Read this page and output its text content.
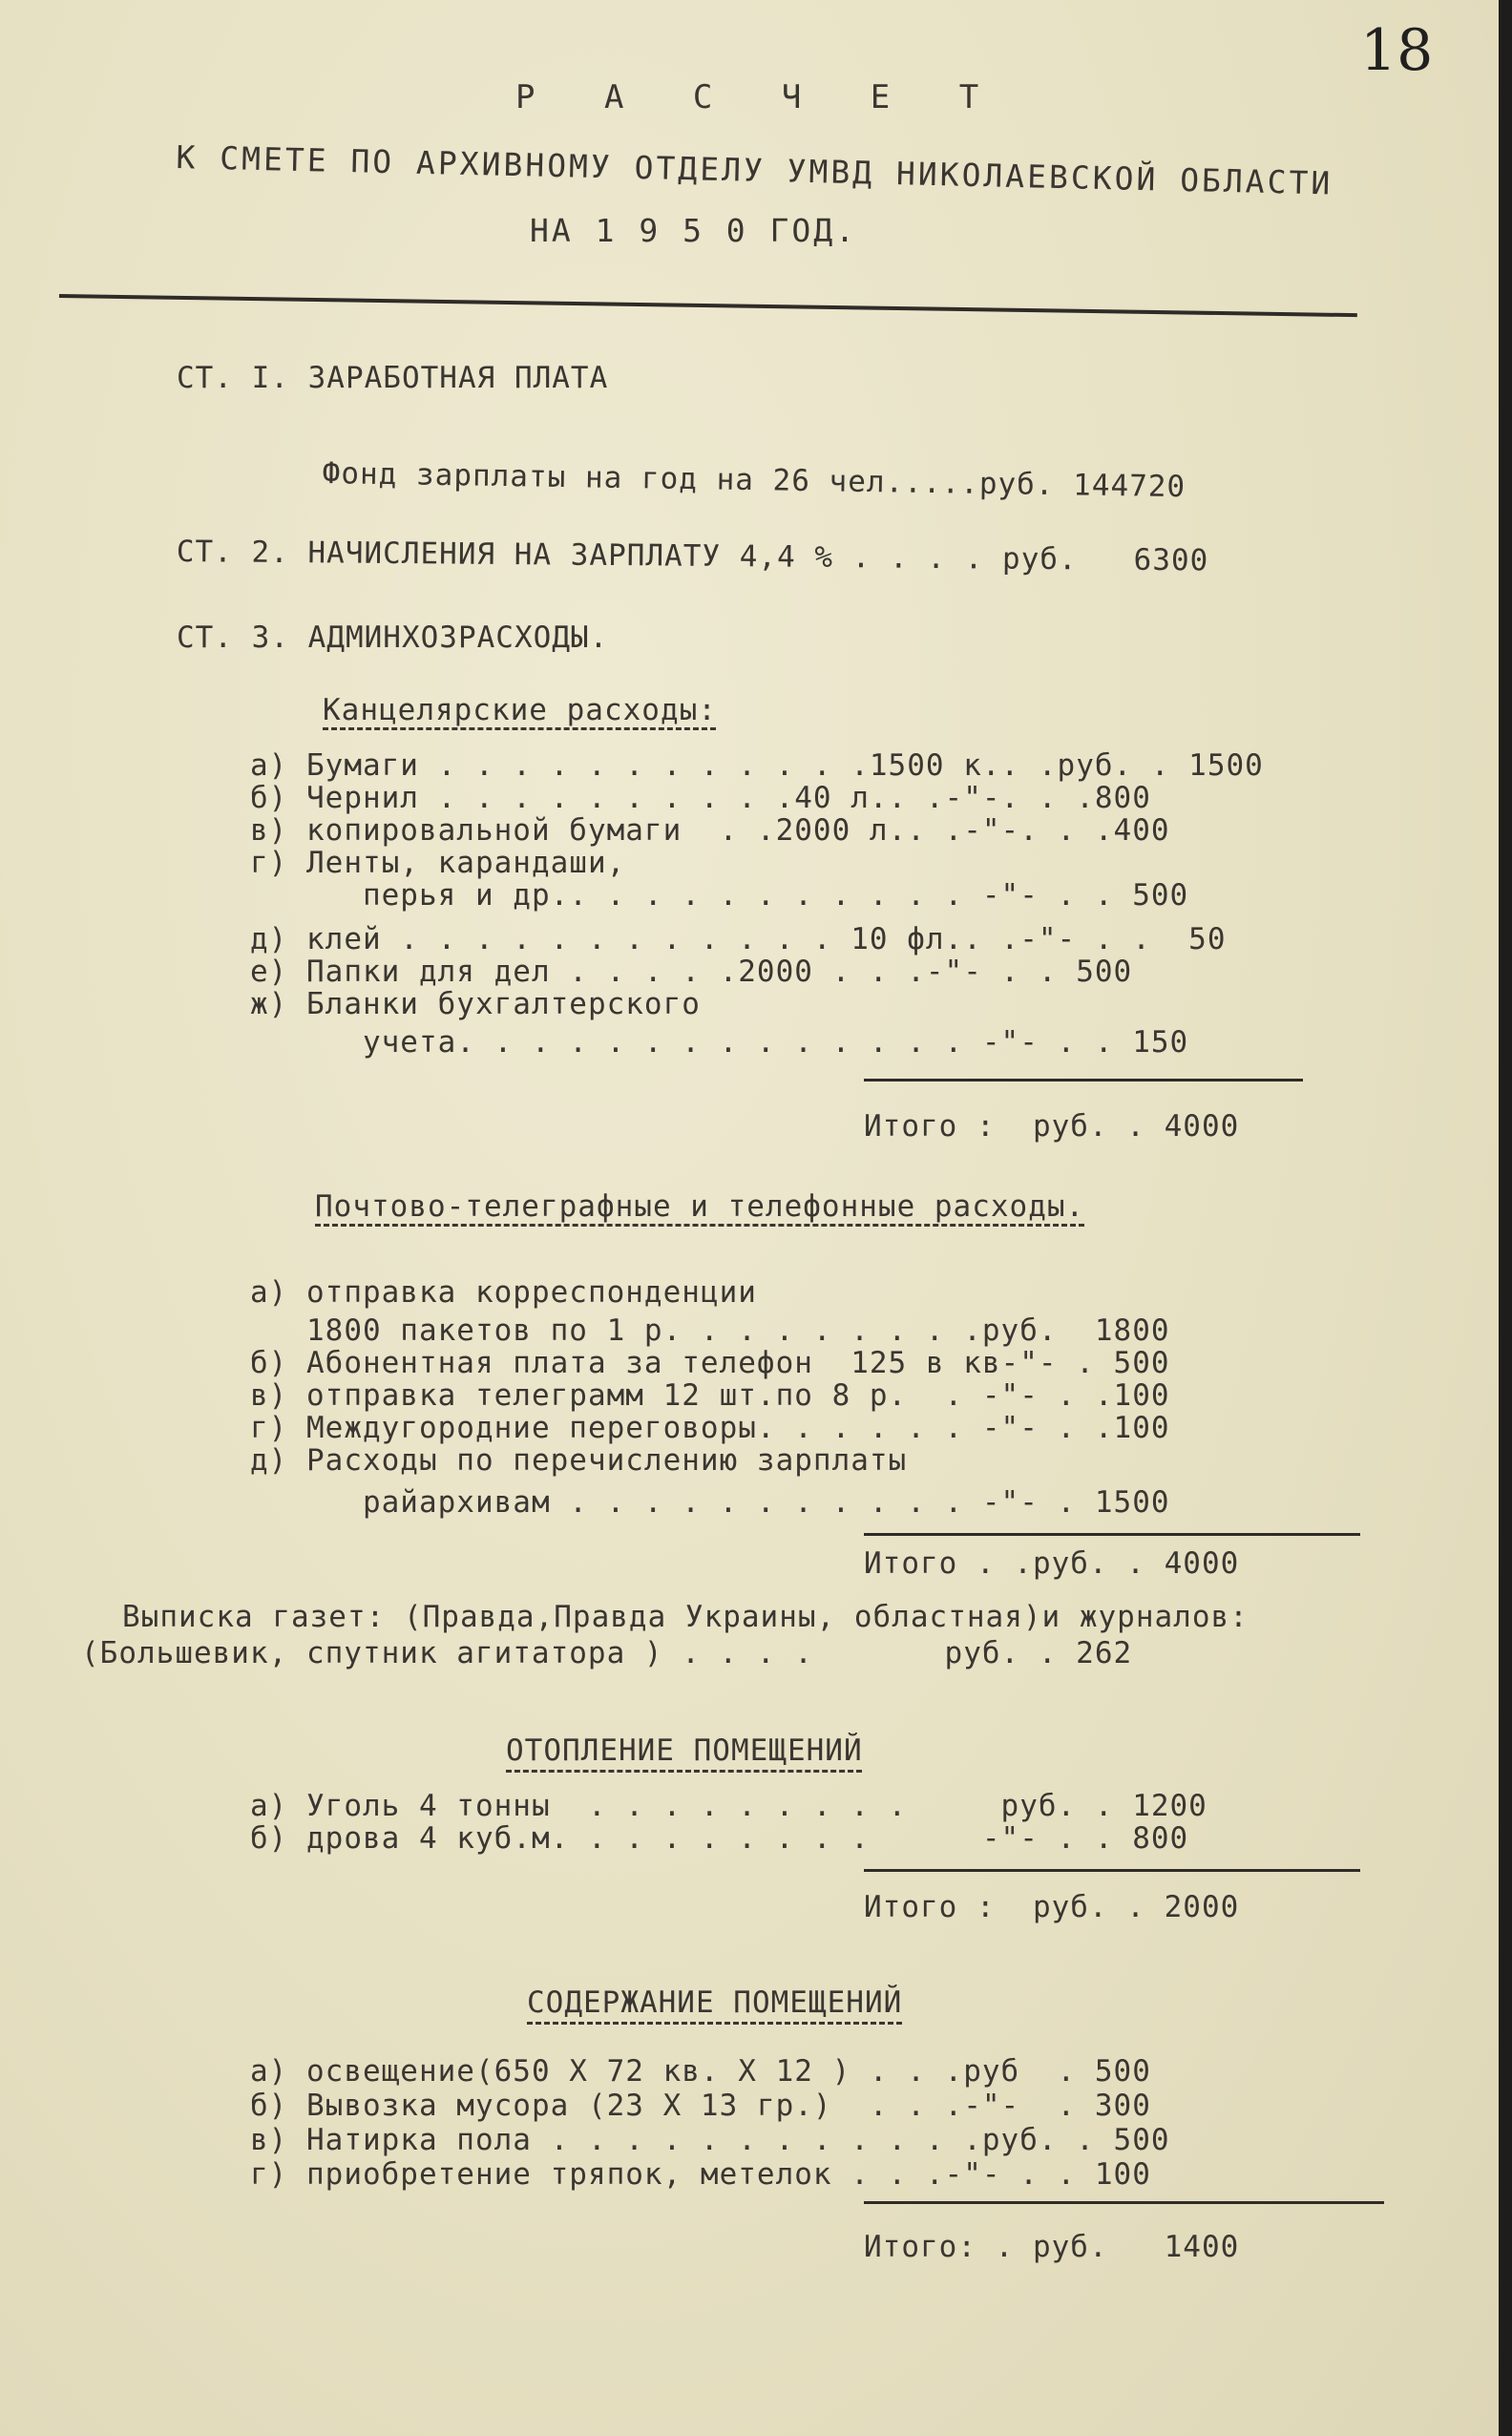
18
Р А С Ч Е Т
К СМЕТЕ ПО АРХИВНОМУ ОТДЕЛУ УМВД НИКОЛАЕВСКОЙ ОБЛАСТИ
НА 1 9 5 0 ГОД.
СТ. I. ЗАРАБОТНАЯ ПЛАТА
Фонд зарплаты на год на 26 чел.....руб. 144720
СТ. 2. НАЧИСЛЕНИЯ НА ЗАРПЛАТУ 4,4 % . . . . руб.   6300
СТ. 3. АДМИНХОЗРАСХОДЫ.
Канцелярские расходы:
а) Бумаги . . . . . . . . . . . .1500 к.. .руб. . 1500
б) Чернил . . . . . . . . . .40 л.. .-"-. . .800
в) копировальной бумаги  . .2000 л.. .-"-. . .400
г) Ленты, карандаши,
перья и др.. . . . . . . . . . . -"- . . 500
д) клей . . . . . . . . . . . . 10 фл.. .-"- . .  50
е) Папки для дел . . . . .2000 . . .-"- . . 500
ж) Бланки бухгалтерского
учета. . . . . . . . . . . . . . -"- . . 150
Итого :  руб. . 4000
Почтово-телеграфные и телефонные расходы.
а) отправка корреспонденции
1800 пакетов по 1 р. . . . . . . . .руб.  1800
б) Абонентная плата за телефон  125 в кв-"- . 500
в) отправка телеграмм 12 шт.по 8 р.  . -"- . .100
г) Междугородние переговоры. . . . . . -"- . .100
д) Расходы по перечислению зарплаты
райархивам . . . . . . . . . . . -"- . 1500
Итого . .руб. . 4000
Выписка газет: (Правда,Правда Украины, областная)и журналов:
(Большевик, спутник агитатора ) . . . .       руб. . 262
ОТОПЛЕНИЕ ПОМЕЩЕНИЙ
а) Уголь 4 тонны  . . . . . . . . .     руб. . 1200
б) дрова 4 куб.м. . . . . . . . .      -"- . . 800
Итого :  руб. . 2000
СОДЕРЖАНИЕ ПОМЕЩЕНИЙ
а) освещение(650 X 72 кв. X 12 ) . . .руб  . 500
б) Вывозка мусора (23 X 13 гр.)  . . .-"-  . 300
в) Натирка пола . . . . . . . . . . . .руб. . 500
г) приобретение тряпок, метелок . . .-"- . . 100
Итого: . руб.   1400
